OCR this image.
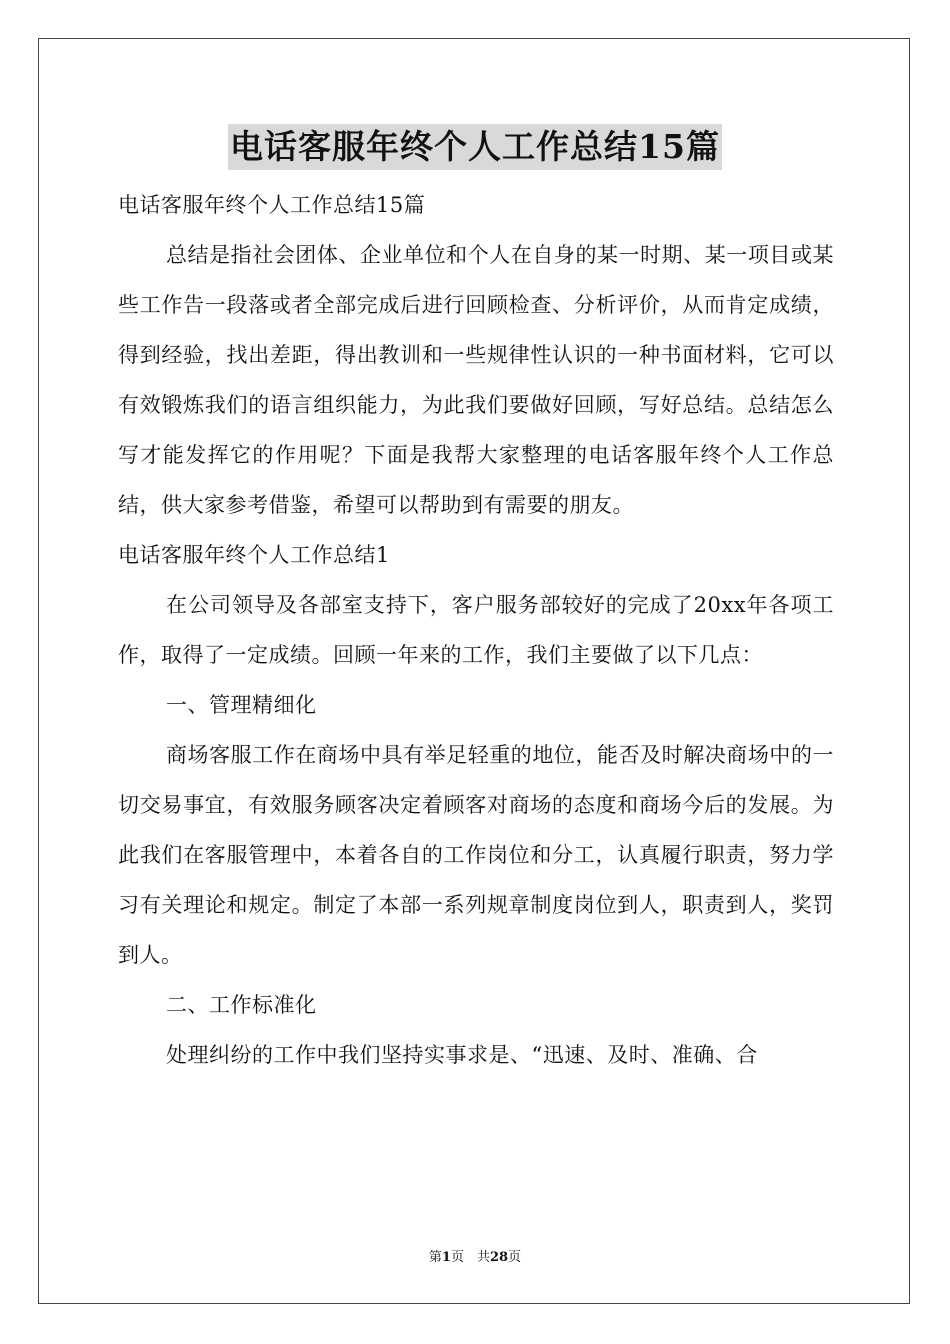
电话客服年终个人工作总结15篇

电话客服年终个人工作总结15篇

总结是指社会团体、企业单位和个人在自身的某一时期、某一项目或某些工作告一段落或者全部完成后进行回顾检查、分析评价，从而肯定成绩，得到经验，找出差距，得出教训和一些规律性认识的一种书面材料，它可以有效锻炼我们的语言组织能力，为此我们要做好回顾，写好总结。总结怎么写才能发挥它的作用呢？下面是我帮大家整理的电话客服年终个人工作总结，供大家参考借鉴，希望可以帮助到有需要的朋友。

电话客服年终个人工作总结1

在公司领导及各部室支持下，客户服务部较好的完成了20xx年各项工作，取得了一定成绩。回顾一年来的工作，我们主要做了以下几点：

一、管理精细化

商场客服工作在商场中具有举足轻重的地位，能否及时解决商场中的一切交易事宜，有效服务顾客决定着顾客对商场的态度和商场今后的发展。为此我们在客服管理中，本着各自的工作岗位和分工，认真履行职责，努力学习有关理论和规定。制定了本部一系列规章制度岗位到人，职责到人，奖罚到人。

二、工作标准化

处理纠纷的工作中我们坚持实事求是、“迅速、及时、准确、合

第1页　共28页
